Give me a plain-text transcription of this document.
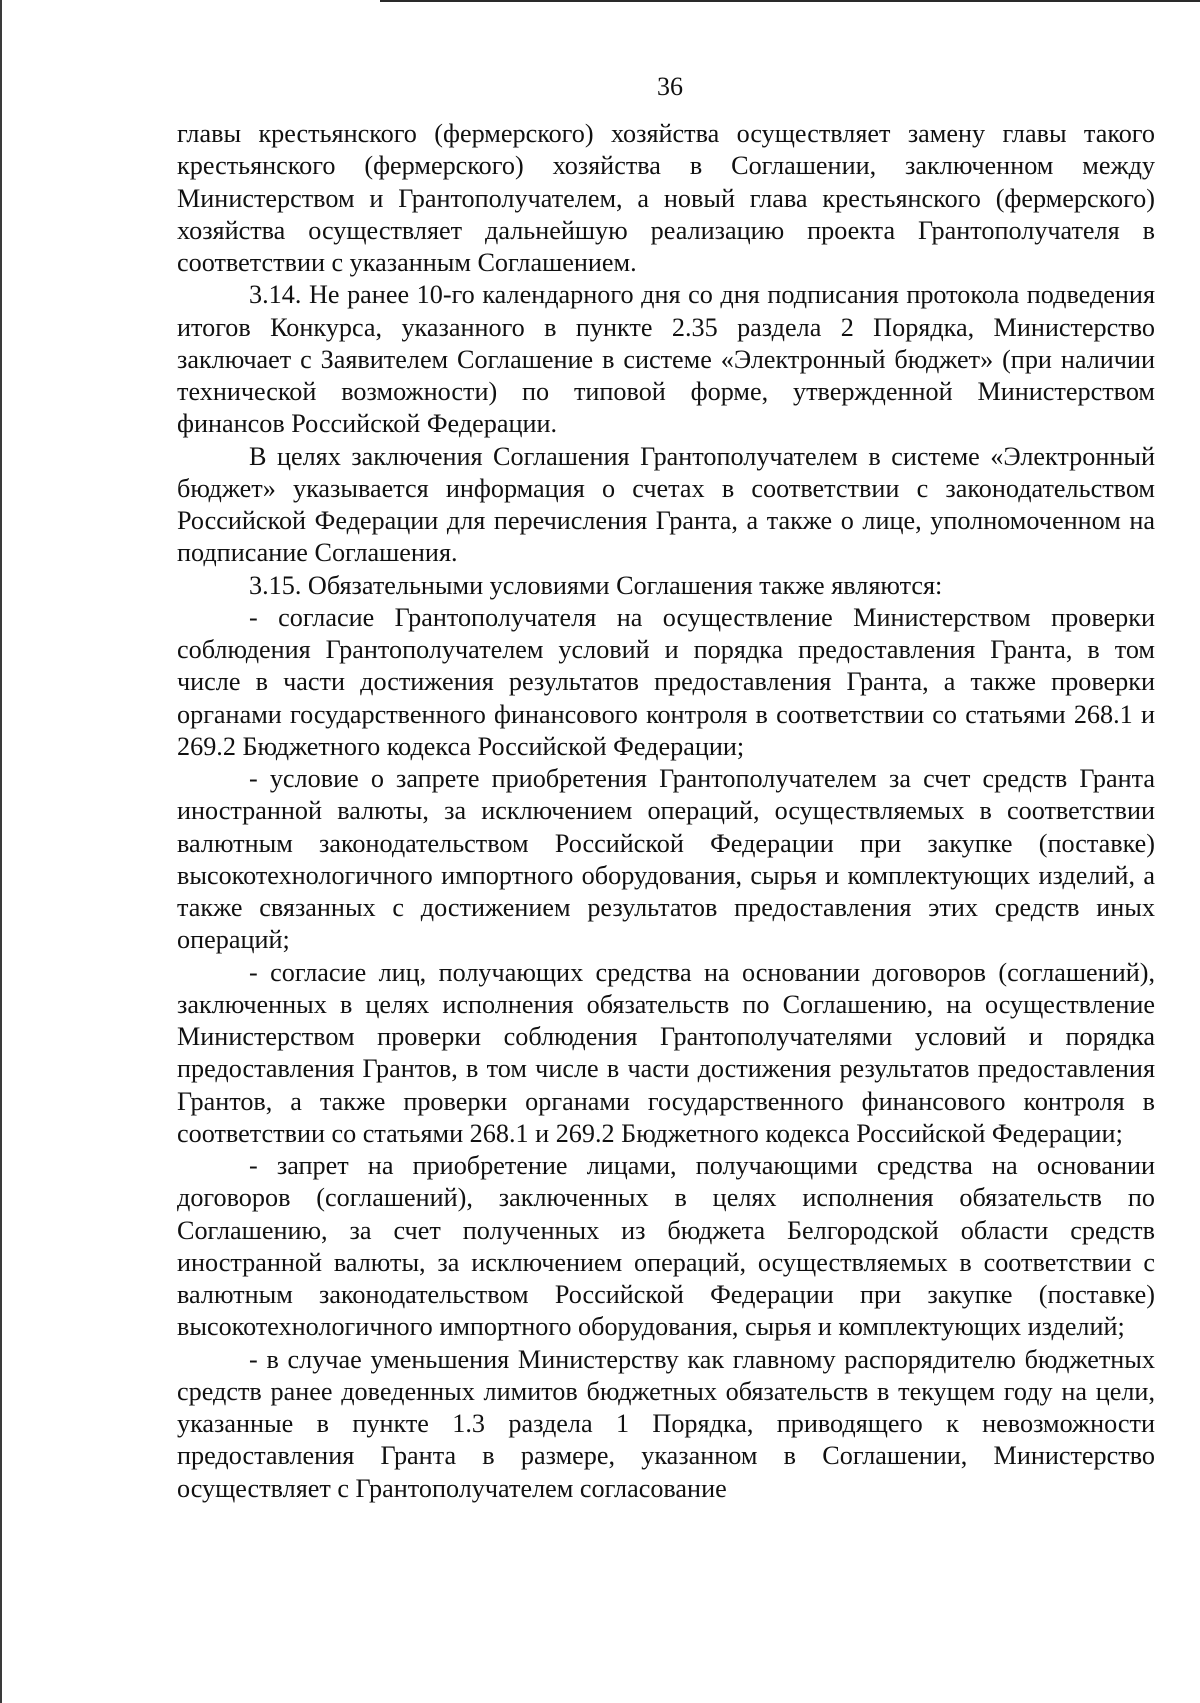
36

главы крестьянского (фермерского) хозяйства осуществляет замену главы такого крестьянского (фермерского) хозяйства в Соглашении, заключенном между Министерством и Грантополучателем, а новый глава крестьянского (фермерского) хозяйства осуществляет дальнейшую реализацию проекта Грантополучателя в соответствии с указанным Соглашением.

3.14. Не ранее 10-го календарного дня со дня подписания протокола подведения итогов Конкурса, указанного в пункте 2.35 раздела 2 Порядка, Министерство заключает с Заявителем Соглашение в системе «Электронный бюджет» (при наличии технической возможности) по типовой форме, утвержденной Министерством финансов Российской Федерации.

В целях заключения Соглашения Грантополучателем в системе «Электронный бюджет» указывается информация о счетах в соответствии с законодательством Российской Федерации для перечисления Гранта, а также о лице, уполномоченном на подписание Соглашения.

3.15. Обязательными условиями Соглашения также являются:

- согласие Грантополучателя на осуществление Министерством проверки соблюдения Грантополучателем условий и порядка предоставления Гранта, в том числе в части достижения результатов предоставления Гранта, а также проверки органами государственного финансового контроля в соответствии со статьями 268.1 и 269.2 Бюджетного кодекса Российской Федерации;

- условие о запрете приобретения Грантополучателем за счет средств Гранта иностранной валюты, за исключением операций, осуществляемых в соответствии валютным законодательством Российской Федерации при закупке (поставке) высокотехнологичного импортного оборудования, сырья и комплектующих изделий, а также связанных с достижением результатов предоставления этих средств иных операций;

- согласие лиц, получающих средства на основании договоров (соглашений), заключенных в целях исполнения обязательств по Соглашению, на осуществление Министерством проверки соблюдения Грантополучателями условий и порядка предоставления Грантов, в том числе в части достижения результатов предоставления Грантов, а также проверки органами государственного финансового контроля в соответствии со статьями 268.1 и 269.2 Бюджетного кодекса Российской Федерации;

- запрет на приобретение лицами, получающими средства на основании договоров (соглашений), заключенных в целях исполнения обязательств по Соглашению, за счет полученных из бюджета Белгородской области средств иностранной валюты, за исключением операций, осуществляемых в соответствии с валютным законодательством Российской Федерации при закупке (поставке) высокотехнологичного импортного оборудования, сырья и комплектующих изделий;

- в случае уменьшения Министерству как главному распорядителю бюджетных средств ранее доведенных лимитов бюджетных обязательств в текущем году на цели, указанные в пункте 1.3 раздела 1 Порядка, приводящего к невозможности предоставления Гранта в размере, указанном в Соглашении, Министерство осуществляет с Грантополучателем согласование
